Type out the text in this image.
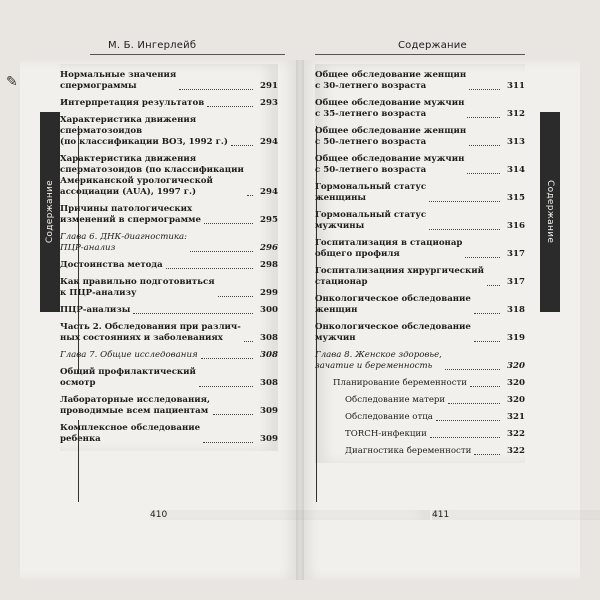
✎
М. Б. Ингерлейб	Содержание
Содержание	Содержание
Нормальные значения
спермограммы	291
Интерпретация результатов	293
Характеристика движения
сперматозоидов
(по классификации ВОЗ, 1992 г.)	294
Характеристика движения
сперматозоидов (по классификации
Американской урологической
ассоциации (AUA), 1997 г.)	294
Причины патологических
изменений в спермограмме	295
Глава 6. ДНК-диагностика:
ПЦР-анализ	296
Достоинства метода	298
Как правильно подготовиться
к ПЦР-анализу	299
ПЦР-анализы	300
Часть 2. Обследования при различ-
ных состояниях и заболеваниях	308
Глава 7. Общие исследования	308
Общий профилактический
осмотр	308
Лабораторные исследования,
проводимые всем пациентам	309
Комплексное обследование
ребенка	309
Общее обследование женщин
с 30-летнего возраста	311
Общее обследование мужчин
с 35-летнего возраста	312
Общее обследование женщин
с 50-летнего возраста	313
Общее обследование мужчин
с 50-летнего возраста	314
Гормональный статус
женщины	315
Гормональный статус
мужчины	316
Госпитализация в стационар
общего профиля	317
Госпитализациия хирургический
стационар	317
Онкологическое обследование
женщин	318
Онкологическое обследование
мужчин	319
Глава 8. Женское здоровье,
зачатие и беременность	320
Планирование беременности	320
Обследование матери	320
Обследование отца	321
TORCH-инфекции	322
Диагностика беременности	322
410	411
